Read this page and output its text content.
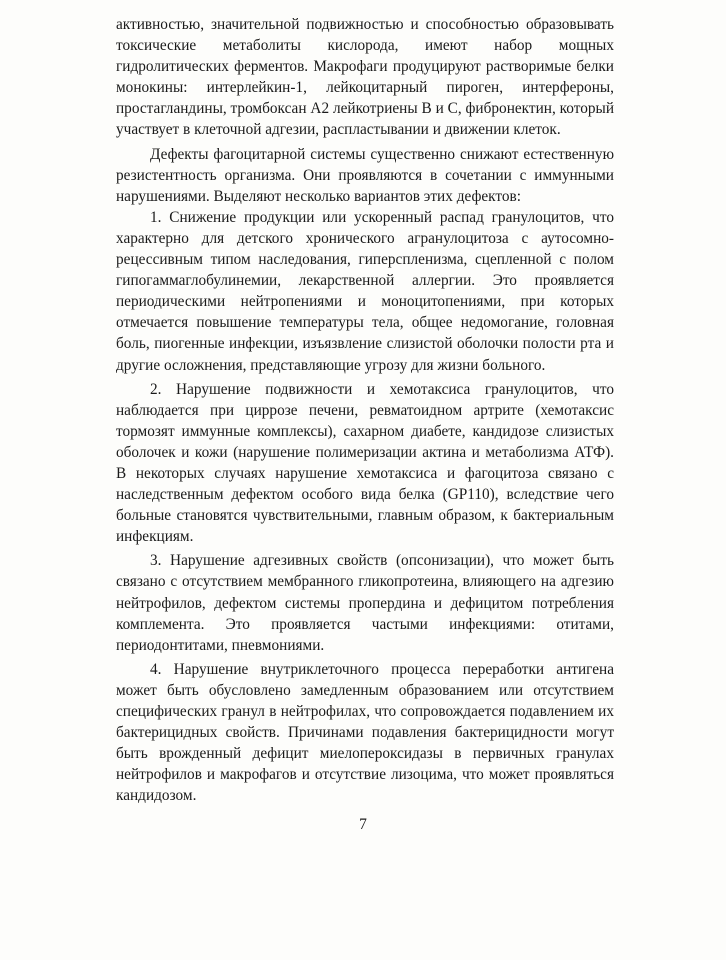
активностью, значительной подвижностью и способностью образовывать токсические метаболиты кислорода, имеют набор мощных гидролитических ферментов. Макрофаги продуцируют растворимые белки монокины: интерлейкин-1, лейкоцитарный пироген, интерфероны, простагландины, тромбоксан А2 лейкотриены В и С, фибронектин, который участвует в клеточной адгезии, распластывании и движении клеток.

Дефекты фагоцитарной системы существенно снижают естественную резистентность организма. Они проявляются в сочетании с иммунными нарушениями. Выделяют несколько вариантов этих дефектов:

1. Снижение продукции или ускоренный распад гранулоцитов, что характерно для детского хронического агранулоцитоза с аутосомно-рецессивным типом наследования, гиперспленизма, сцепленной с полом гипогаммаглобулинемии, лекарственной аллергии. Это проявляется периодическими нейтропениями и моноцитопениями, при которых отмечается повышение температуры тела, общее недомогание, головная боль, пиогенные инфекции, изъязвление слизистой оболочки полости рта и другие осложнения, представляющие угрозу для жизни больного.

2. Нарушение подвижности и хемотаксиса гранулоцитов, что наблюдается при циррозе печени, ревматоидном артрите (хемотаксис тормозят иммунные комплексы), сахарном диабете, кандидозе слизистых оболочек и кожи (нарушение полимеризации актина и метаболизма АТФ). В некоторых случаях нарушение хемотаксиса и фагоцитоза связано с наследственным дефектом особого вида белка (GP110), вследствие чего больные становятся чувствительными, главным образом, к бактериальным инфекциям.

3. Нарушение адгезивных свойств (опсонизации), что может быть связано с отсутствием мембранного гликопротеина, влияющего на адгезию нейтрофилов, дефектом системы пропердина и дефицитом потребления комплемента. Это проявляется частыми инфекциями: отитами, периодонтитами, пневмониями.

4. Нарушение внутриклеточного процесса переработки антигена может быть обусловлено замедленным образованием или отсутствием специфических гранул в нейтрофилах, что сопровождается подавлением их бактерицидных свойств. Причинами подавления бактерицидности могут быть врожденный дефицит миелопероксидазы в первичных гранулах нейтрофилов и макрофагов и отсутствие лизоцима, что может проявляться кандидозом.

7
